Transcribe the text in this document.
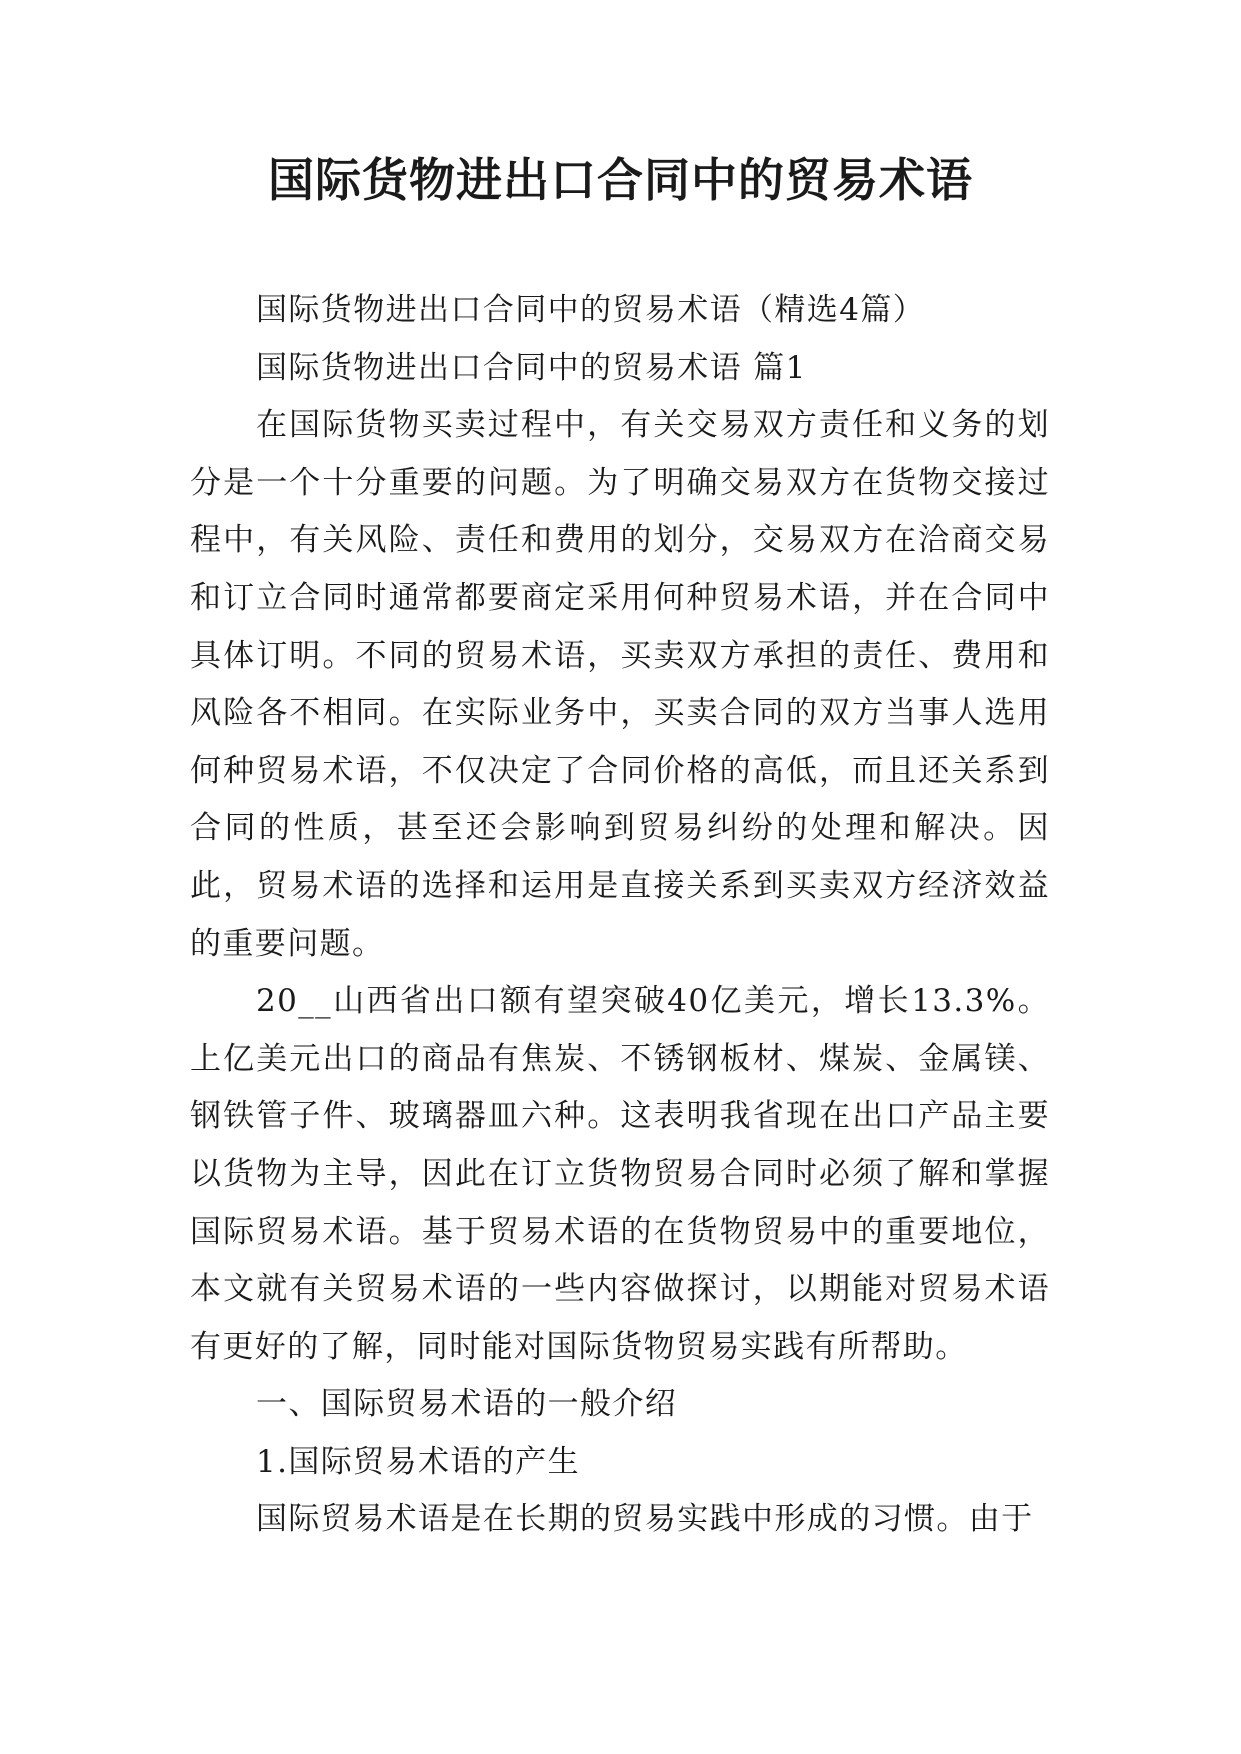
国际货物进出口合同中的贸易术语

国际货物进出口合同中的贸易术语（精选4篇）

国际货物进出口合同中的贸易术语 篇1

在国际货物买卖过程中，有关交易双方责任和义务的划分是一个十分重要的问题。为了明确交易双方在货物交接过程中，有关风险、责任和费用的划分，交易双方在洽商交易和订立合同时通常都要商定采用何种贸易术语，并在合同中具体订明。不同的贸易术语，买卖双方承担的责任、费用和风险各不相同。在实际业务中，买卖合同的双方当事人选用何种贸易术语，不仅决定了合同价格的高低，而且还关系到合同的性质，甚至还会影响到贸易纠纷的处理和解决。因此，贸易术语的选择和运用是直接关系到买卖双方经济效益的重要问题。

20__山西省出口额有望突破40亿美元，增长13.3%。上亿美元出口的商品有焦炭、不锈钢板材、煤炭、金属镁、钢铁管子件、玻璃器皿六种。这表明我省现在出口产品主要以货物为主导，因此在订立货物贸易合同时必须了解和掌握国际贸易术语。基于贸易术语的在货物贸易中的重要地位，本文就有关贸易术语的一些内容做探讨，以期能对贸易术语有更好的了解，同时能对国际货物贸易实践有所帮助。

一、国际贸易术语的一般介绍

1.国际贸易术语的产生

国际贸易术语是在长期的贸易实践中形成的习惯。由于
